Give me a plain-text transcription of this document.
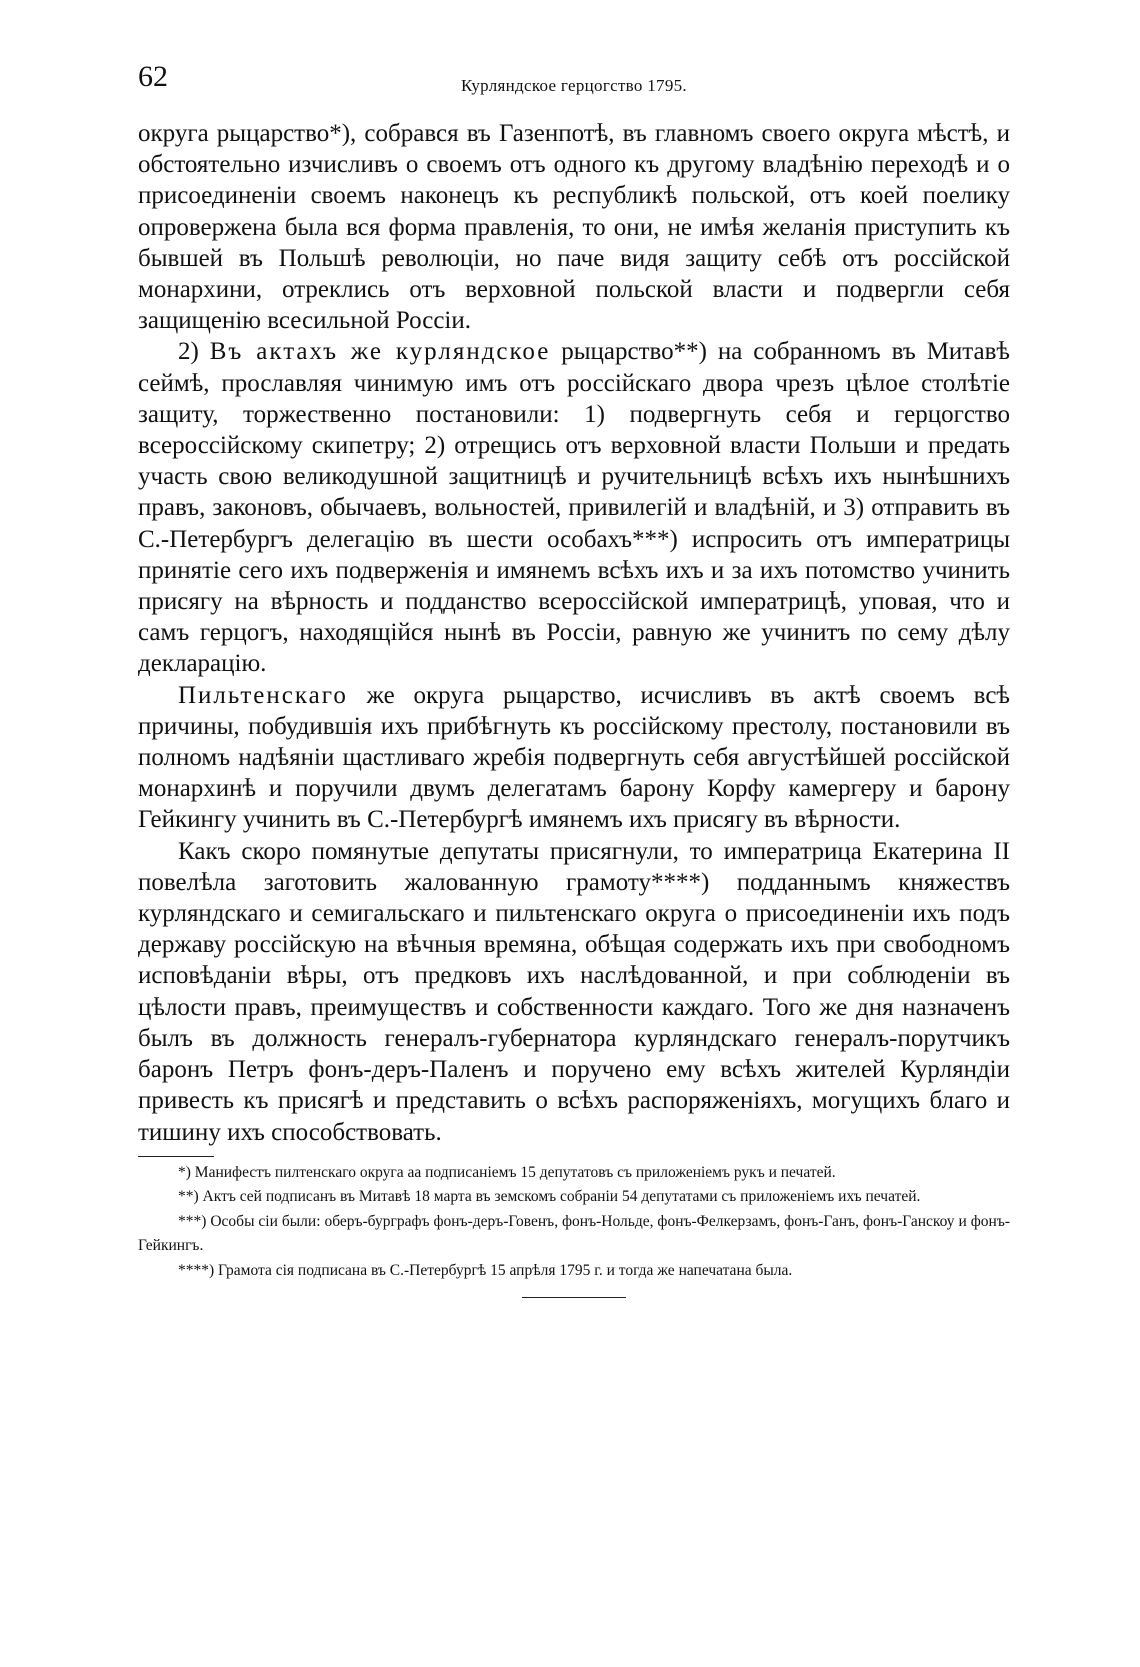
62	Курляндское герцогство 1795.

округа рыцарство*), собрався въ Газенпотѣ, въ главномъ своего округа мѣстѣ, и обстоятельно изчисливъ о своемъ отъ одного къ другому владѣнію переходѣ и о присоединеніи своемъ наконецъ къ республикѣ польской, отъ коей поелику опровержена была вся форма правленія, то они, не имѣя желанія приступить къ бывшей въ Польшѣ революціи, но паче видя защиту себѣ отъ россійской монархини, отреклись отъ верховной польской власти и подвергли себя защищенію всесильной Россіи.

2) Въ актахъ же курляндское рыцарство**) на собранномъ въ Митавѣ сеймѣ, прославляя чинимую имъ отъ россійскаго двора чрезъ цѣлое столѣтіе защиту, торжественно постановили: 1) подвергнуть себя и герцогство всероссійскому скипетру; 2) отрещись отъ верховной власти Польши и предать участь свою великодушной защитницѣ и ручительницѣ всѣхъ ихъ нынѣшнихъ правъ, законовъ, обычаевъ, вольностей, привилегій и владѣній, и 3) отправить въ С.-Петербургъ делегацію въ шести особахъ***) испросить отъ императрицы принятіе сего ихъ подверженія и имянемъ всѣхъ ихъ и за ихъ потомство учинить присягу на вѣрность и подданство всероссійской императрицѣ, уповая, что и самъ герцогъ, находящійся нынѣ въ Россіи, равную же учинитъ по сему дѣлу декларацію.

Пильтенскаго же округа рыцарство, исчисливъ въ актѣ своемъ всѣ причины, побудившія ихъ прибѣгнуть къ россійскому престолу, постановили въ полномъ надѣяніи щастливаго жребія подвергнуть себя августѣйшей россійской монархинѣ и поручили двумъ делегатамъ барону Корфу камергеру и барону Гейкингу учинить въ С.-Петербургѣ имянемъ ихъ присягу въ вѣрности.

Какъ скоро помянутые депутаты присягнули, то императрица Екатерина II повелѣла заготовить жалованную грамоту****) подданнымъ княжествъ курляндскаго и семигальскаго и пильтенскаго округа о присоединеніи ихъ подъ державу россійскую на вѣчныя времяна, обѣщая содержать ихъ при свободномъ исповѣданіи вѣры, отъ предковъ ихъ наслѣдованной, и при соблюденіи въ цѣлости правъ, преимуществъ и собственности каждаго. Того же дня назначенъ былъ въ должность генералъ-губернатора курляндскаго генералъ-порутчикъ баронъ Петръ фонъ-деръ-Паленъ и поручено ему всѣхъ жителей Курляндіи привесть къ присягѣ и представить о всѣхъ распоряженіяхъ, могущихъ благо и тишину ихъ способствовать.

*) Манифестъ пилтенскаго округа аа подписаніемъ 15 депутатовъ съ приложеніемъ рукъ и печатей.

**) Актъ сей подписанъ въ Митавѣ 18 марта въ земскомъ собраніи 54 депутатами съ приложеніемъ ихъ печатей.

***) Особы сіи были: оберъ-бурграфъ фонъ-деръ-Говенъ, фонъ-Нольде, фонъ-Фелкерзамъ, фонъ-Ганъ, фонъ-Ганскоу и фонъ-Гейкингъ.

****) Грамота сія подписана въ С.-Петербургѣ 15 апрѣля 1795 г. и тогда же напечатана была.
